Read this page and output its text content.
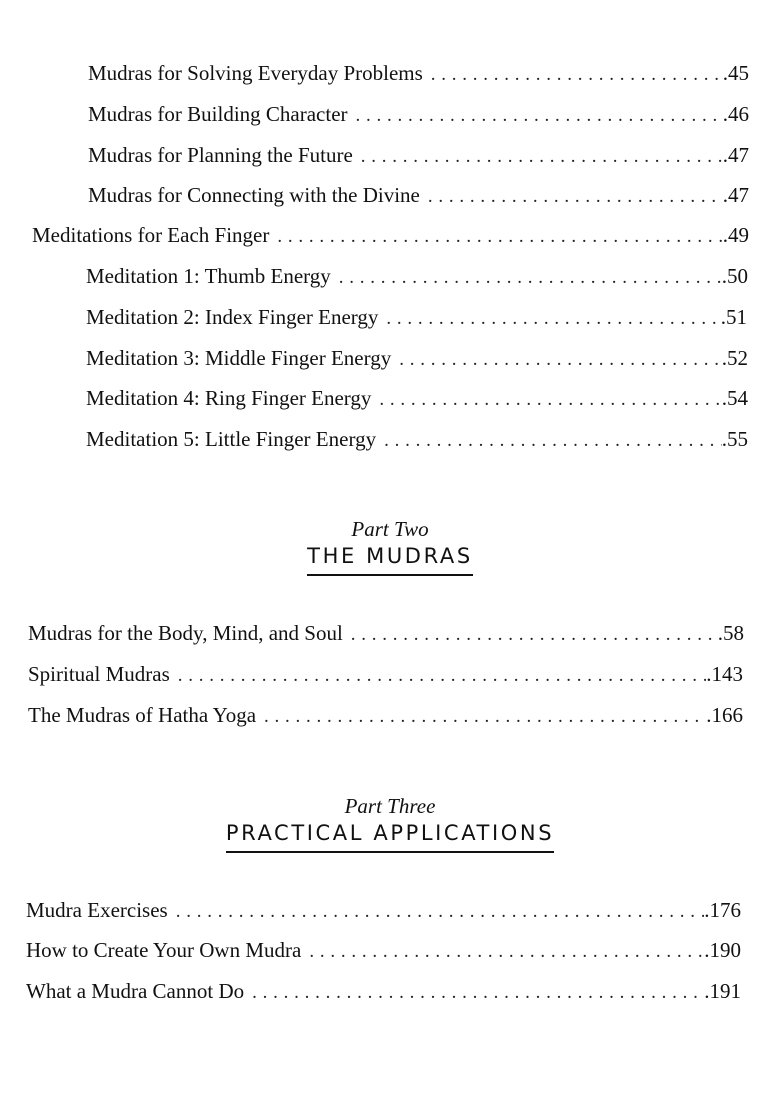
Mudras for Solving Everyday Problems . . .	.45
Mudras for Building Character . . .	.46
Mudras for Planning the Future . . .	.47
Mudras for Connecting with the Divine . . .	.47
Meditations for Each Finger . . .	.49
Meditation 1: Thumb Energy . . .	.50
Meditation 2: Index Finger Energy . . .	.51
Meditation 3: Middle Finger Energy . . .	.52
Meditation 4: Ring Finger Energy . . .	.54
Meditation 5: Little Finger Energy . . .	.55
Part Two
THE MUDRAS
Mudras for the Body, Mind, and Soul . . .	.58
Spiritual Mudras . . .	.143
The Mudras of Hatha Yoga . . .	.166
Part Three
PRACTICAL APPLICATIONS
Mudra Exercises . . .	.176
How to Create Your Own Mudra . . .	.190
What a Mudra Cannot Do . . .	.191
